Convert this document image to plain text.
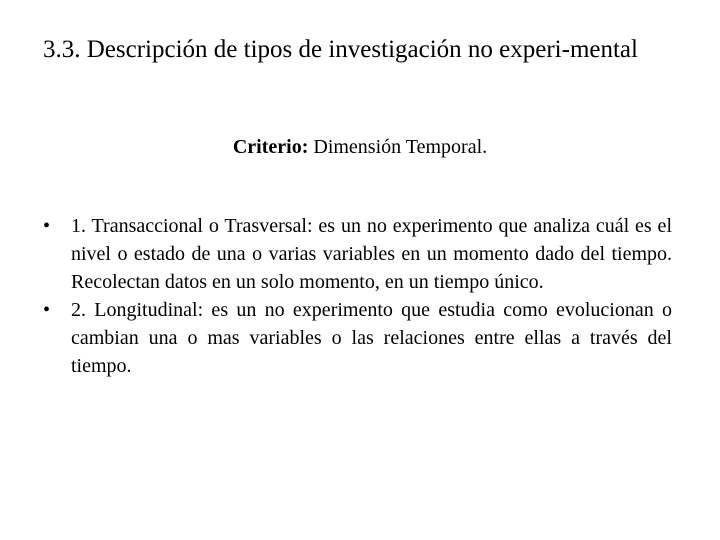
3.3. Descripción de tipos de investigación no experi-mental

Criterio: Dimensión Temporal.

•	1. Transaccional o Trasversal: es un no experimento que analiza cuál es el nivel o estado de una o varias variables en un momento dado del tiempo. Recolectan datos en un solo momento, en un tiempo único.
•	2. Longitudinal: es un no experimento que estudia como evolucionan o cambian una o mas variables o las relaciones entre ellas a través del tiempo.
